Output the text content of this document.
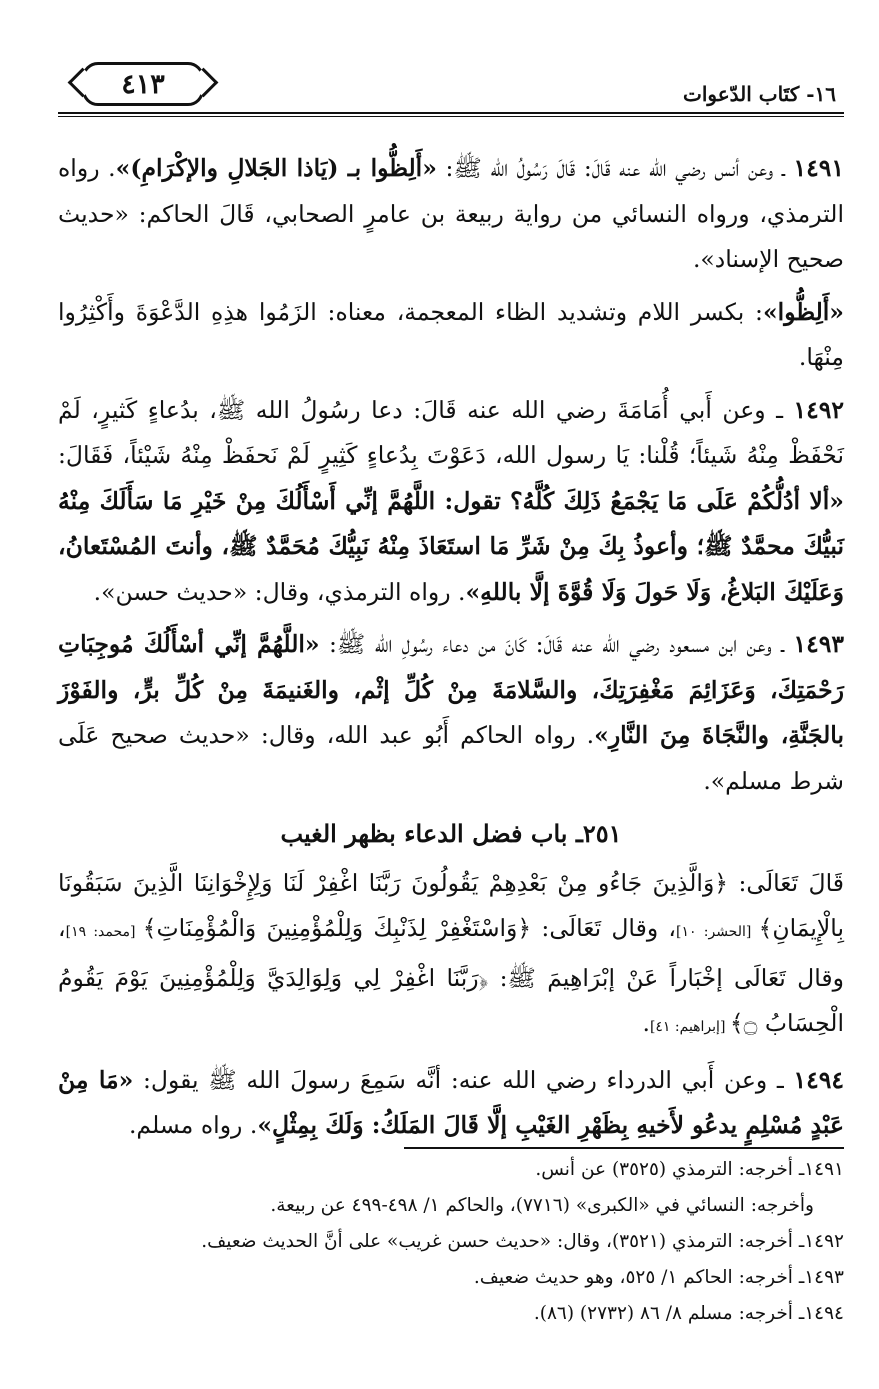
٤١٣	١٦- كتَاب الدّعوات

١٤٩١ ـ وعن أنس رضي الله عنه قَالَ: قَالَ رَسُولُ الله ﷺ: «أَلِظُّوا بـ (يَاذا الجَلالِ والإكْرَامِ)». رواه الترمذي، ورواه النسائي من رواية ربيعة بن عامرٍ الصحابي، قَالَ الحاكم: «حديث صحيح الإسناد».

«أَلِظُّوا»: بكسر اللام وتشديد الظاء المعجمة، معناه: الزَمُوا هذِهِ الدَّعْوَةَ وأَكْثِرُوا مِنْهَا.

١٤٩٢ ـ وعن أَبي أُمَامَةَ رضي الله عنه قَالَ: دعا رسُولُ الله ﷺ، بدُعاءٍ كَثيرٍ، لَمْ نَحْفَظْ مِنْهُ شَيئاً؛ قُلْنا: يَا رسول الله، دَعَوْتَ بِدُعاءٍ كَثِيرٍ لَمْ نَحفَظْ مِنْهُ شَيْئاً، فَقَالَ: «ألا أدُلُّكُمْ عَلَى مَا يَجْمَعُ ذَلِكَ كُلَّهُ؟ تقول: اللَّهُمَّ إنِّي أَسْأَلُكَ مِنْ خَيْرِ مَا سَأَلَكَ مِنْهُ نَبيُّكَ محمَّدٌ ﷺ؛ وأعوذُ بِكَ مِنْ شَرِّ مَا استَعَاذَ مِنْهُ نَبِيُّكَ مُحَمَّدٌ ﷺ، وأنتَ المُسْتَعانُ، وَعَلَيْكَ البَلاغُ، وَلَا حَولَ وَلَا قُوَّةَ إلَّا باللهِ». رواه الترمذي، وقال: «حديث حسن».

١٤٩٣ ـ وعن ابن مسعود رضي الله عنه قَالَ: كَانَ من دعاء رسُولِ الله ﷺ: «اللَّهُمَّ إنِّي أسْأَلُكَ مُوجِبَاتِ رَحْمَتِكَ، وَعَزَائِمَ مَغْفِرَتِكَ، والسَّلامَةَ مِنْ كُلِّ إثْم، والغَنيمَةَ مِنْ كُلِّ برٍّ، والفَوْزَ بالجَنَّةِ، والنَّجَاةَ مِنَ النَّارِ». رواه الحاكم أَبُو عبد الله، وقال: «حديث صحيح عَلَى شرط مسلم».

٢٥١ـ باب فضل الدعاء بظهر الغيب

قَالَ تَعَالَى: ﴿وَالَّذِينَ جَاءُو مِنْ بَعْدِهِمْ يَقُولُونَ رَبَّنَا اغْفِرْ لَنَا وَلِإِخْوَانِنَا الَّذِينَ سَبَقُونَا بِالْإِيمَانِ﴾ [الحشر: ١٠]، وقال تَعَالَى: ﴿وَاسْتَغْفِرْ لِذَنْبِكَ وَلِلْمُؤْمِنِينَ وَالْمُؤْمِنَاتِ﴾ [محمد: ١٩]، وقال تَعَالَى إخْبَاراً عَنْ إبْرَاهِيمَ ﷺ: ﴿رَبَّنَا اغْفِرْ لِي وَلِوَالِدَيَّ وَلِلْمُؤْمِنِينَ يَوْمَ يَقُومُ الْحِسَابُ ۝﴾ [إبراهيم: ٤١].

١٤٩٤ ـ وعن أَبي الدرداء رضي الله عنه: أنَّه سَمِعَ رسولَ الله ﷺ يقول: «مَا مِنْ عَبْدٍ مُسْلِمٍ يدعُو لأَخيهِ بِظَهْرِ الغَيْبِ إلَّا قَالَ المَلَكُ: وَلَكَ بِمِثْلٍ». رواه مسلم.

١٤٩١ـ أخرجه: الترمذي (٣٥٢٥) عن أنس.
وأخرجه: النسائي في «الكبرى» (٧٧١٦)، والحاكم ١/ ٤٩٨-٤٩٩ عن ربيعة.
١٤٩٢ـ أخرجه: الترمذي (٣٥٢١)، وقال: «حديث حسن غريب» على أنَّ الحديث ضعيف.
١٤٩٣ـ أخرجه: الحاكم ١/ ٥٢٥، وهو حديث ضعيف.
١٤٩٤ـ أخرجه: مسلم ٨/ ٨٦ (٢٧٣٢) (٨٦).
